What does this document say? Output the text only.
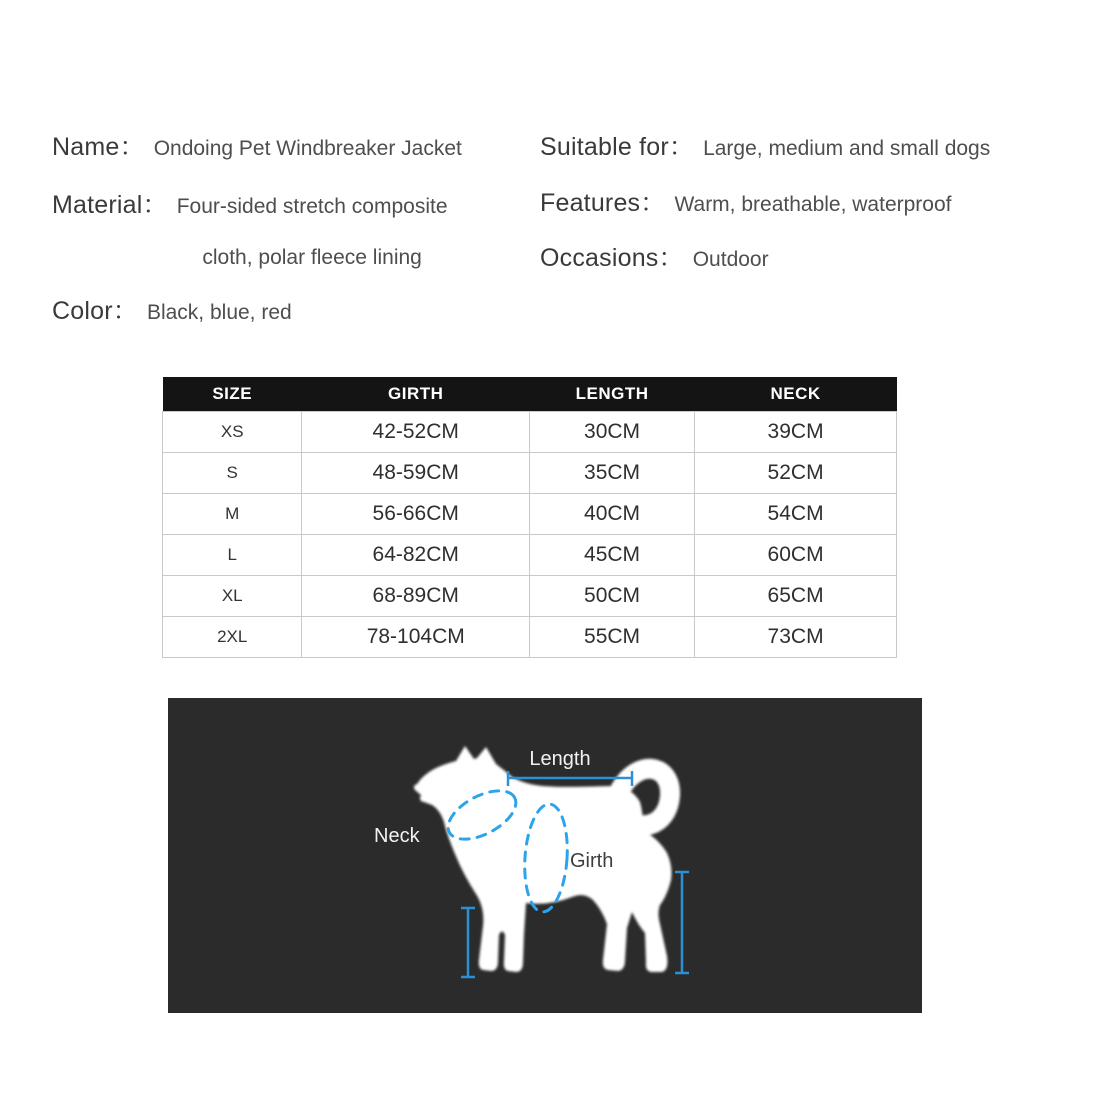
Name： Ondoing Pet Windbreaker Jacket
Material： Four-sided stretch composite
cloth, polar fleece lining
Color： Black, blue, red
Suitable for： Large, medium and small dogs
Features： Warm, breathable, waterproof
Occasions： Outdoor
SIZE	GIRTH	LENGTH	NECK
XS	42-52CM	30CM	39CM
S	48-59CM	35CM	52CM
M	56-66CM	40CM	54CM
L	64-82CM	45CM	60CM
XL	68-89CM	50CM	65CM
2XL	78-104CM	55CM	73CM
Length
Neck
Girth
